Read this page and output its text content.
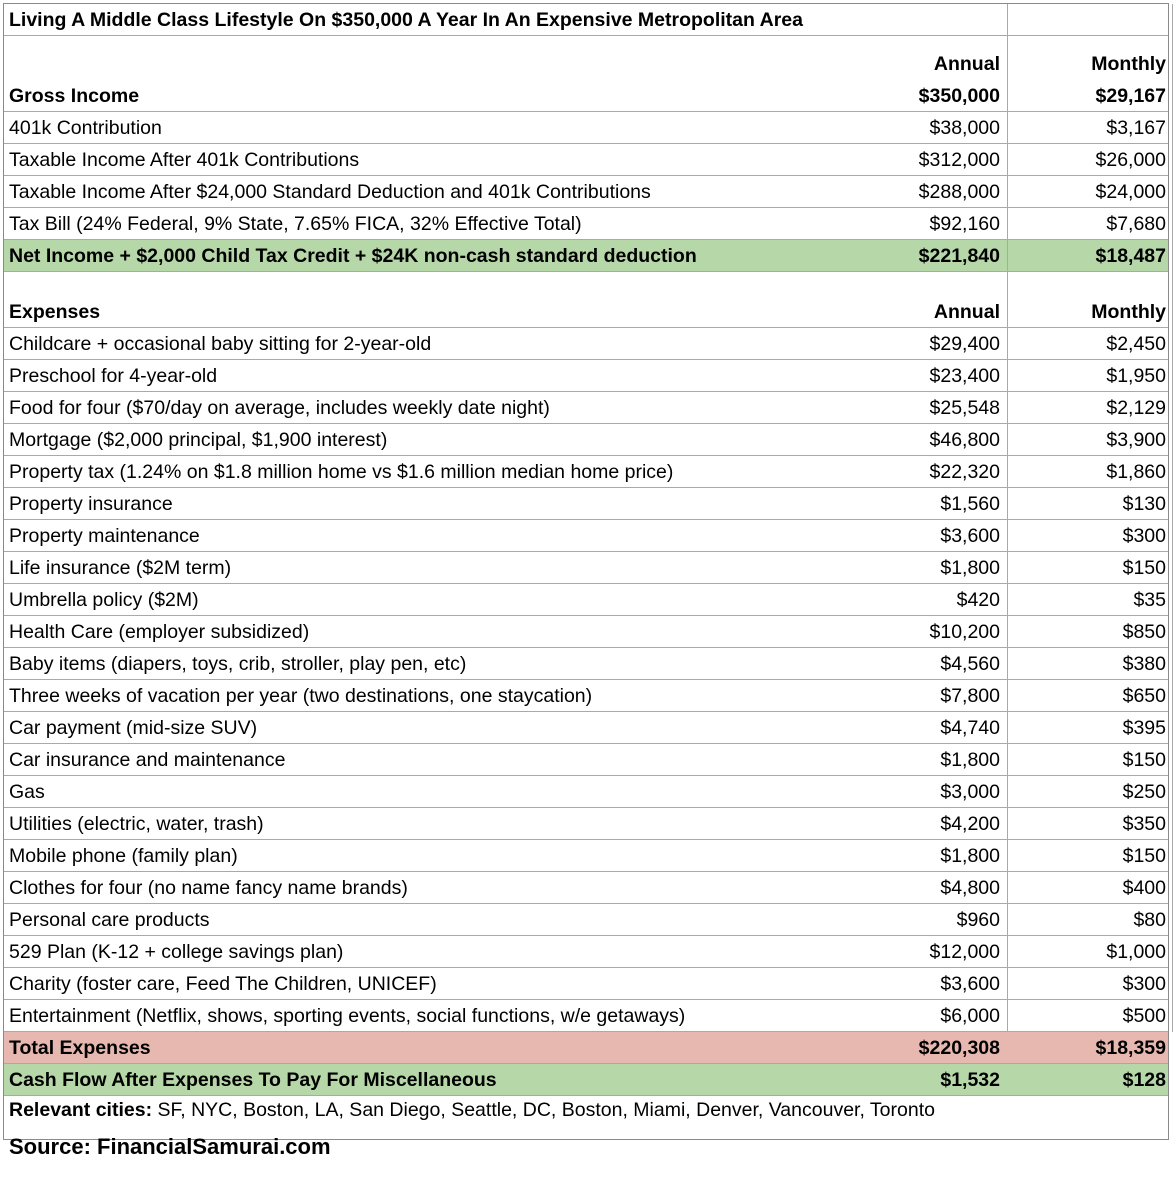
Living A Middle Class Lifestyle On $350,000 A Year In An Expensive Metropolitan Area
Annual	Monthly
Gross Income	$350,000	$29,167
401k Contribution	$38,000	$3,167
Taxable Income After 401k Contributions	$312,000	$26,000
Taxable Income After $24,000 Standard Deduction and 401k Contributions	$288,000	$24,000
Tax Bill (24% Federal, 9% State, 7.65% FICA, 32% Effective Total)	$92,160	$7,680
Net Income + $2,000 Child Tax Credit + $24K non-cash standard deduction	$221,840	$18,487
Expenses	Annual	Monthly
Childcare + occasional baby sitting for 2-year-old	$29,400	$2,450
Preschool for 4-year-old	$23,400	$1,950
Food for four ($70/day on average, includes weekly date night)	$25,548	$2,129
Mortgage ($2,000 principal, $1,900 interest)	$46,800	$3,900
Property tax (1.24% on $1.8 million home vs $1.6 million median home price)	$22,320	$1,860
Property insurance	$1,560	$130
Property maintenance	$3,600	$300
Life insurance ($2M term)	$1,800	$150
Umbrella policy ($2M)	$420	$35
Health Care (employer subsidized)	$10,200	$850
Baby items (diapers, toys, crib, stroller, play pen, etc)	$4,560	$380
Three weeks of vacation per year (two destinations, one staycation)	$7,800	$650
Car payment (mid-size SUV)	$4,740	$395
Car insurance and maintenance	$1,800	$150
Gas	$3,000	$250
Utilities (electric, water, trash)	$4,200	$350
Mobile phone (family plan)	$1,800	$150
Clothes for four (no name fancy name brands)	$4,800	$400
Personal care products	$960	$80
529 Plan (K-12 + college savings plan)	$12,000	$1,000
Charity (foster care, Feed The Children, UNICEF)	$3,600	$300
Entertainment (Netflix, shows, sporting events, social functions, w/e getaways)	$6,000	$500
Total Expenses	$220,308	$18,359
Cash Flow After Expenses To Pay For Miscellaneous	$1,532	$128
Relevant cities: SF, NYC, Boston, LA, San Diego, Seattle, DC, Boston, Miami, Denver, Vancouver, Toronto
Source: FinancialSamurai.com
